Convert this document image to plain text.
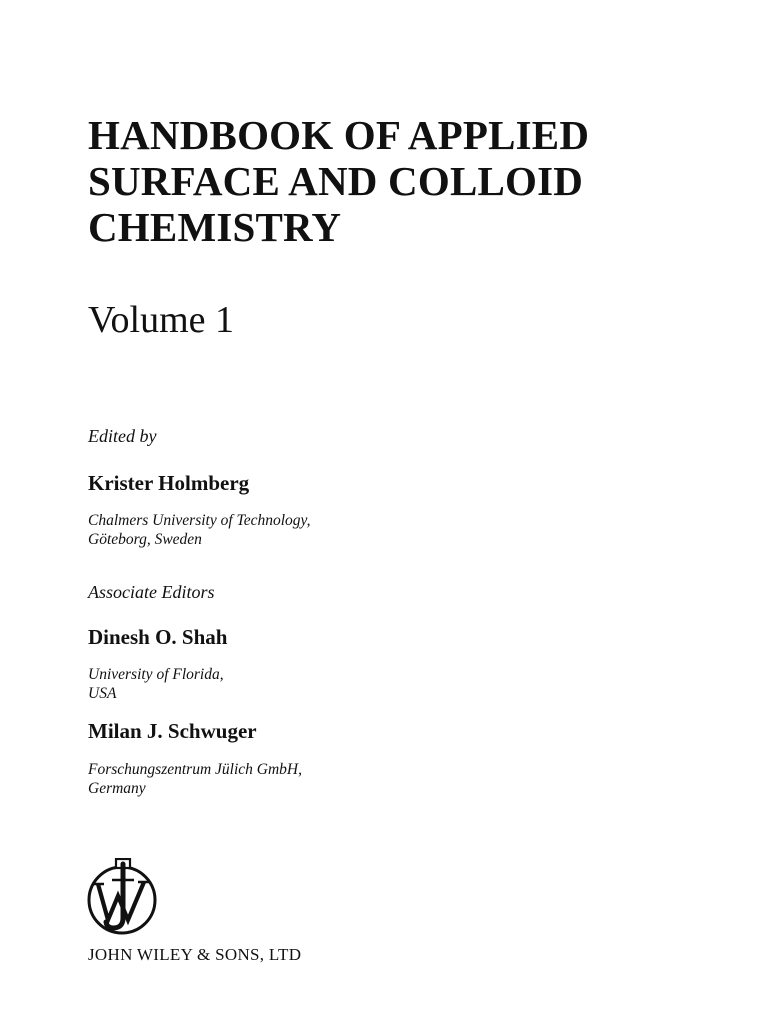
HANDBOOK OF APPLIED
SURFACE AND COLLOID
CHEMISTRY
Volume 1
Edited by
Krister Holmberg
Chalmers University of Technology,
Göteborg, Sweden
Associate Editors
Dinesh O. Shah
University of Florida,
USA
Milan J. Schwuger
Forschungszentrum Jülich GmbH,
Germany
JOHN WILEY & SONS, LTD
